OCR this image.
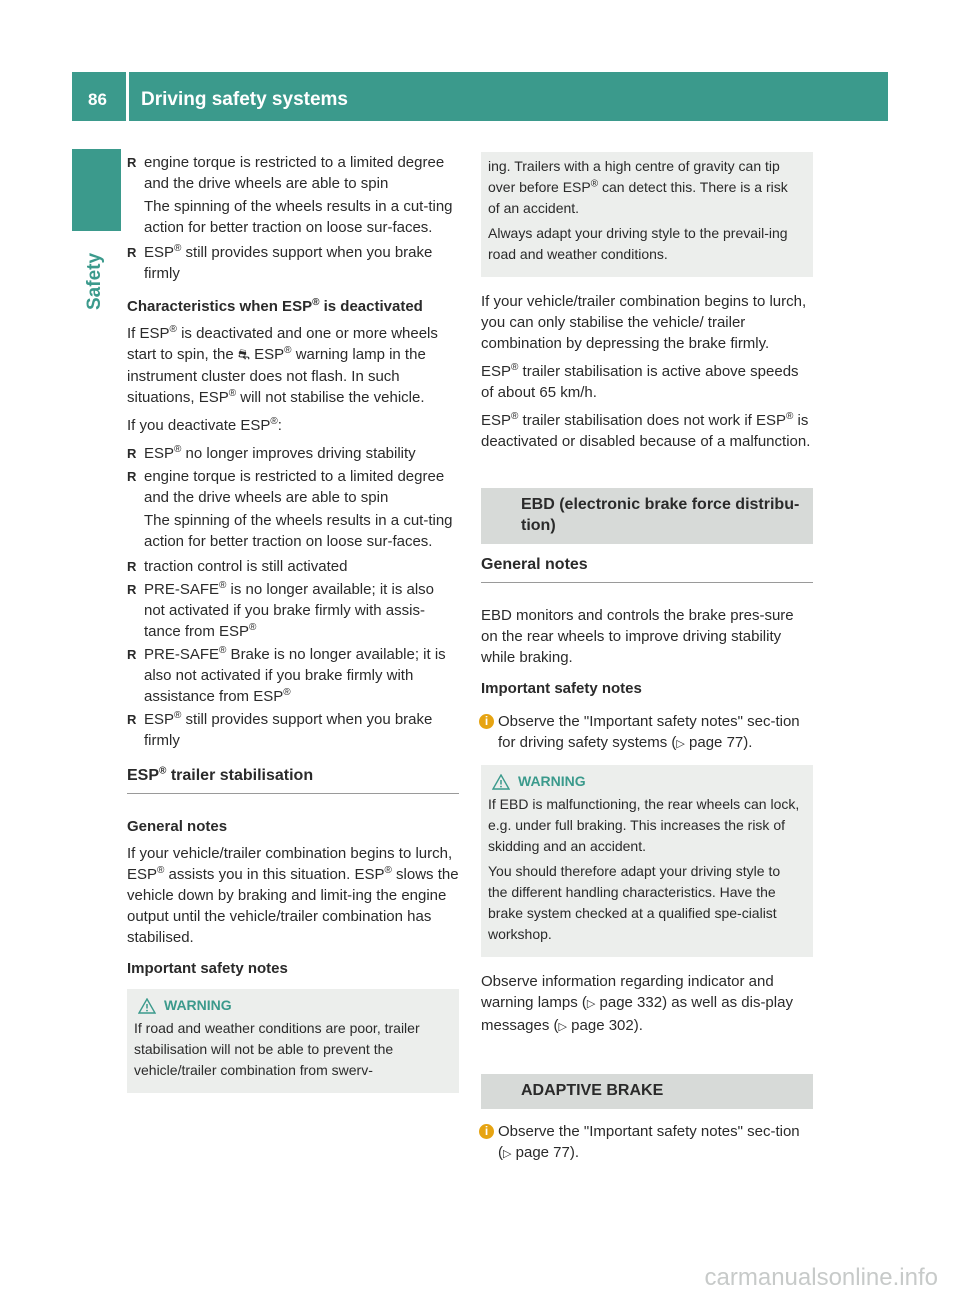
86	Driving safety systems
Safety

R engine torque is restricted to a limited degree and the drive wheels are able to spin

The spinning of the wheels results in a cut-ting action for better traction on loose sur-faces.

R ESP® still provides support when you brake firmly

Characteristics when ESP® is deactivated

If ESP® is deactivated and one or more wheels start to spin, the ⛐ ESP® warning lamp in the instrument cluster does not flash. In such situations, ESP® will not stabilise the vehicle.

If you deactivate ESP®:

R ESP® no longer improves driving stability

R engine torque is restricted to a limited degree and the drive wheels are able to spin

The spinning of the wheels results in a cut-ting action for better traction on loose sur-faces.

R traction control is still activated

R PRE-SAFE® is no longer available; it is also not activated if you brake firmly with assis-tance from ESP®

R PRE-SAFE® Brake is no longer available; it is also not activated if you brake firmly with assistance from ESP®

R ESP® still provides support when you brake firmly

ESP® trailer stabilisation

General notes

If your vehicle/trailer combination begins to lurch, ESP® assists you in this situation. ESP® slows the vehicle down by braking and limit-ing the engine output until the vehicle/trailer combination has stabilised.

Important safety notes

WARNING

If road and weather conditions are poor, trailer stabilisation will not be able to prevent the vehicle/trailer combination from swerv-

ing. Trailers with a high centre of gravity can tip over before ESP® can detect this. There is a risk of an accident.

Always adapt your driving style to the prevail-ing road and weather conditions.

If your vehicle/trailer combination begins to lurch, you can only stabilise the vehicle/ trailer combination by depressing the brake firmly.

ESP® trailer stabilisation is active above speeds of about 65 km/h.

ESP® trailer stabilisation does not work if ESP® is deactivated or disabled because of a malfunction.

EBD (electronic brake force distribu-tion)

General notes

EBD monitors and controls the brake pres-sure on the rear wheels to improve driving stability while braking.

Important safety notes

i Observe the "Important safety notes" sec-tion for driving safety systems (▷ page 77).

WARNING

If EBD is malfunctioning, the rear wheels can lock, e.g. under full braking. This increases the risk of skidding and an accident.

You should therefore adapt your driving style to the different handling characteristics. Have the brake system checked at a qualified spe-cialist workshop.

Observe information regarding indicator and warning lamps (▷ page 332) as well as dis-play messages (▷ page 302).

ADAPTIVE BRAKE

i Observe the "Important safety notes" sec-tion (▷ page 77).

carmanualsonline.info
